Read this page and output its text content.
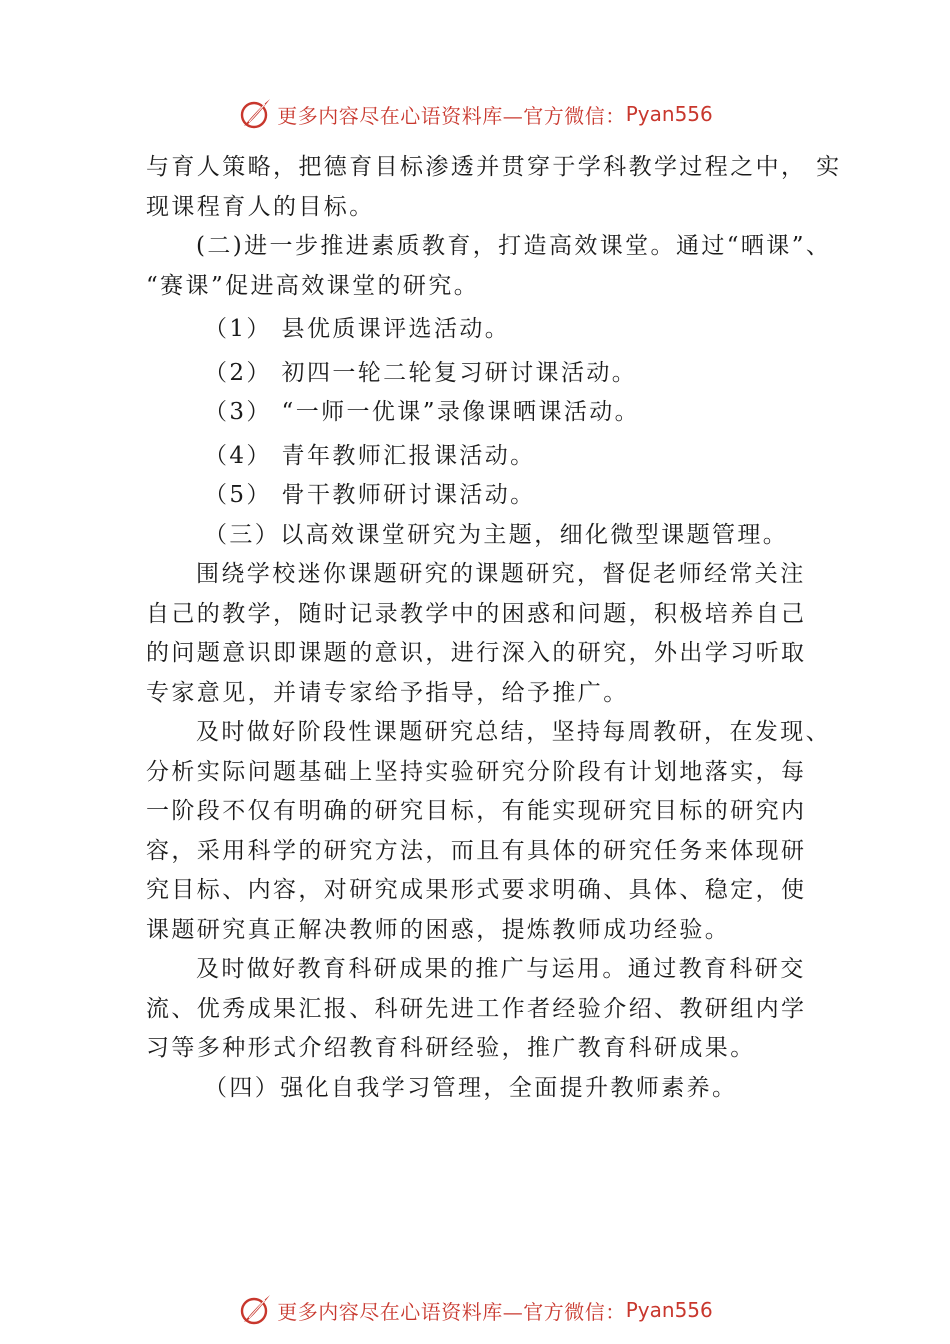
更多内容尽在心语资料库—官方微信： Pyan556
与育人策略，把德育目标渗透并贯穿于学科教学过程之中， 实
现课程育人的目标。
(二)进一步推进素质教育，打造高效课堂。通过“晒课”、
“赛课”促进高效课堂的研究。
（1） 县优质课评选活动。
（2） 初四一轮二轮复习研讨课活动。
（3） “一师一优课”录像课晒课活动。
（4） 青年教师汇报课活动。
（5） 骨干教师研讨课活动。
（三）以高效课堂研究为主题，细化微型课题管理。
围绕学校迷你课题研究的课题研究，督促老师经常关注
自己的教学，随时记录教学中的困惑和问题，积极培养自己
的问题意识即课题的意识，进行深入的研究，外出学习听取
专家意见，并请专家给予指导，给予推广。
及时做好阶段性课题研究总结，坚持每周教研，在发现、
分析实际问题基础上坚持实验研究分阶段有计划地落实，每
一阶段不仅有明确的研究目标，有能实现研究目标的研究内
容，采用科学的研究方法，而且有具体的研究任务来体现研
究目标、内容，对研究成果形式要求明确、具体、稳定，使
课题研究真正解决教师的困惑，提炼教师成功经验。
及时做好教育科研成果的推广与运用。通过教育科研交
流、优秀成果汇报、科研先进工作者经验介绍、教研组内学
习等多种形式介绍教育科研经验，推广教育科研成果。
（四）强化自我学习管理，全面提升教师素养。
更多内容尽在心语资料库—官方微信： Pyan556
